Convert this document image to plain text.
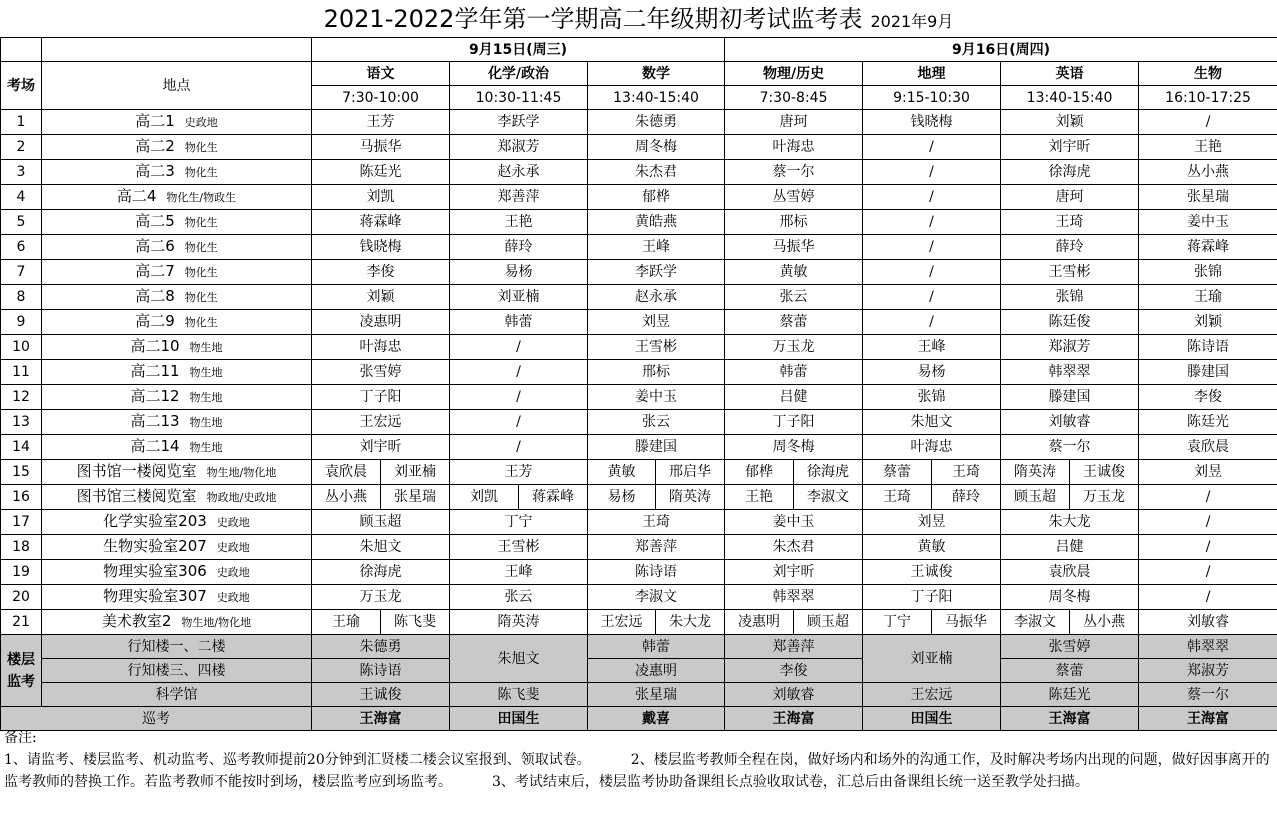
2021-2022学年第一学期高二年级期初考试监考表 2021年9月
		9月15日(周三)						9月16日(周四)						
考场	地点	语文		化学/政治		数学		物理/历史		地理		英语		生物
		7:30-10:00		10:30-11:45		13:40-15:40		7:30-8:45		9:15-10:30		13:40-15:40		16:10-17:25
1	高二1 史政地	王芳		李跃学		朱德勇		唐珂		钱晓梅		刘颖		/
2	高二2 物化生	马振华		郑淑芳		周冬梅		叶海忠		/		刘宇昕		王艳
3	高二3 物化生	陈廷光		赵永承		朱杰君		蔡一尔		/		徐海虎		丛小燕
4	高二4 物化生/物政生	刘凯		郑善萍		郁桦		丛雪婷		/		唐珂		张星瑞
5	高二5 物化生	蒋霖峰		王艳		黄皓燕		邢标		/		王琦		姜中玉
6	高二6 物化生	钱晓梅		薛玲		王峰		马振华		/		薛玲		蒋霖峰
7	高二7 物化生	李俊		易杨		李跃学		黄敏		/		王雪彬		张锦
8	高二8 物化生	刘颖		刘亚楠		赵永承		张云		/		张锦		王瑜
9	高二9 物化生	凌惠明		韩蕾		刘昱		蔡蕾		/		陈廷俊		刘颖
10	高二10 物生地	叶海忠		/		王雪彬		万玉龙		王峰		郑淑芳		陈诗语
11	高二11 物生地	张雪婷		/		邢标		韩蕾		易杨		韩翠翠		滕建国
12	高二12 物生地	丁子阳		/		姜中玉		吕健		张锦		滕建国		李俊
13	高二13 物生地	王宏远		/		张云		丁子阳		朱旭文		刘敏睿		陈廷光
14	高二14 物生地	刘宇昕		/		滕建国		周冬梅		叶海忠		蔡一尔		袁欣晨
15	图书馆一楼阅览室 物生地/物化地	袁欣晨	刘亚楠	王芳		黄敏	邢启华	郁桦	徐海虎	蔡蕾	王琦	隋英涛	王诚俊	刘昱
16	图书馆三楼阅览室 物政地/史政地	丛小燕	张星瑞	刘凯	蒋霖峰	易杨	隋英涛	王艳	李淑文	王琦	薛玲	顾玉超	万玉龙	/
17	化学实验室203 史政地	顾玉超		丁宁		王琦		姜中玉		刘昱		朱大龙		/
18	生物实验室207 史政地	朱旭文		王雪彬		郑善萍		朱杰君		黄敏		吕健		/
19	物理实验室306 史政地	徐海虎		王峰		陈诗语		刘宇昕		王诚俊		袁欣晨		/
20	物理实验室307 史政地	万玉龙		张云		李淑文		韩翠翠		丁子阳		周冬梅		/
21	美术教室2 物生地/物化地	王瑜	陈飞斐	隋英涛		王宏远	朱大龙	凌惠明	顾玉超	丁宁	马振华	李淑文	丛小燕	刘敏睿
楼层监考	行知楼一、二楼	朱德勇		朱旭文		韩蕾		郑善萍		刘亚楠		张雪婷		韩翠翠
	行知楼三、四楼	陈诗语				凌惠明		李俊				蔡蕾		郑淑芳
	科学馆	王诚俊		陈飞斐		张星瑞		刘敏睿		王宏远		陈廷光		蔡一尔
巡考		王海富		田国生		戴喜		王海富		田国生		王海富		王海富
备注:
1、请监考、楼层监考、机动监考、巡考教师提前20分钟到汇贤楼二楼会议室报到、领取试卷。	2、楼层监考教师全程在岗，做好场内和场外的沟通工作，及时解决考场内出现的问题，做好因事离开的监考教师的替换工作。若监考教师不能按时到场，楼层监考应到场监考。	3、考试结束后，楼层监考协助备课组长点验收取试卷，汇总后由备课组长统一送至教学处扫描。
